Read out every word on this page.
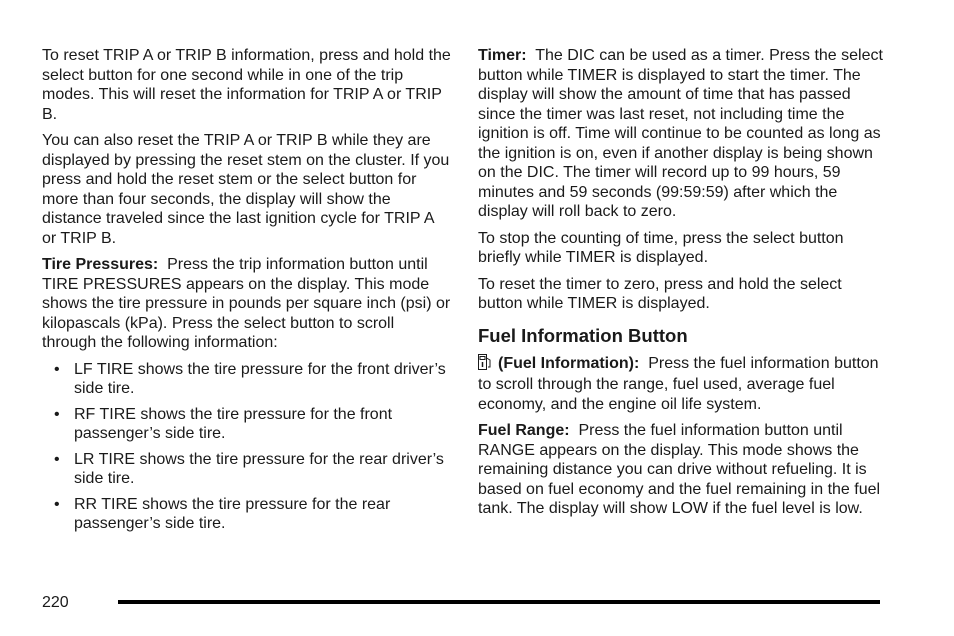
To reset TRIP A or TRIP B information, press and hold the select button for one second while in one of the trip modes. This will reset the information for TRIP A or TRIP B.

You can also reset the TRIP A or TRIP B while they are displayed by pressing the reset stem on the cluster. If you press and hold the reset stem or the select button for more than four seconds, the display will show the distance traveled since the last ignition cycle for TRIP A or TRIP B.

Tire Pressures: Press the trip information button until TIRE PRESSURES appears on the display. This mode shows the tire pressure in pounds per square inch (psi) or kilopascals (kPa). Press the select button to scroll through the following information:

• LF TIRE shows the tire pressure for the front driver’s side tire.
• RF TIRE shows the tire pressure for the front passenger’s side tire.
• LR TIRE shows the tire pressure for the rear driver’s side tire.
• RR TIRE shows the tire pressure for the rear passenger’s side tire.

Timer: The DIC can be used as a timer. Press the select button while TIMER is displayed to start the timer. The display will show the amount of time that has passed since the timer was last reset, not including time the ignition is off. Time will continue to be counted as long as the ignition is on, even if another display is being shown on the DIC. The timer will record up to 99 hours, 59 minutes and 59 seconds (99:59:59) after which the display will roll back to zero.

To stop the counting of time, press the select button briefly while TIMER is displayed.

To reset the timer to zero, press and hold the select button while TIMER is displayed.

Fuel Information Button

(Fuel Information): Press the fuel information button to scroll through the range, fuel used, average fuel economy, and the engine oil life system.

Fuel Range: Press the fuel information button until RANGE appears on the display. This mode shows the remaining distance you can drive without refueling. It is based on fuel economy and the fuel remaining in the fuel tank. The display will show LOW if the fuel level is low.

220
